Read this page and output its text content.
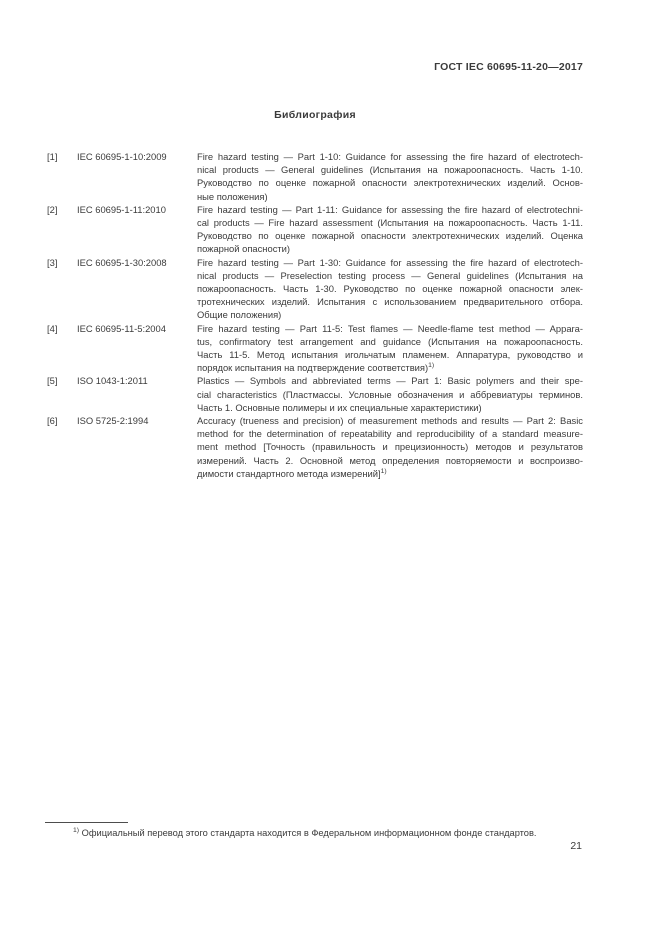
ГОСТ IEC 60695-11-20—2017
Библиография
[1]	IEC 60695-1-10:2009	Fire hazard testing — Part 1-10: Guidance for assessing the fire hazard of electrotech-
nical products — General guidelines (Испытания на пожароопасность. Часть 1-10.
Руководство по оценке пожарной опасности электротехнических изделий. Основ-
ные положения)
[2]	IEC 60695-1-11:2010	Fire hazard testing — Part 1-11: Guidance for assessing the fire hazard of electrotechni-
cal products — Fire hazard assessment (Испытания на пожароопасность. Часть 1-11.
Руководство по оценке пожарной опасности электротехнических изделий. Оценка
пожарной опасности)
[3]	IEC 60695-1-30:2008	Fire hazard testing — Part 1-30: Guidance for assessing the fire hazard of electrotech-
nical products — Preselection testing process — General guidelines (Испытания на
пожароопасность. Часть 1-30. Руководство по оценке пожарной опасности элек-
тротехнических изделий. Испытания с использованием предварительного отбора.
Общие положения)
[4]	IEC 60695-11-5:2004	Fire hazard testing — Part 11-5: Test flames — Needle-flame test method — Appara-
tus, confirmatory test arrangement and guidance (Испытания на пожароопасность.
Часть 11-5. Метод испытания игольчатым пламенем. Аппаратура, руководство и
порядок испытания на подтверждение соответствия)$^{1)}$
[5]	ISO 1043-1:2011	Plastics — Symbols and abbreviated terms — Part 1: Basic polymers and their spe-
cial characteristics (Пластмассы. Условные обозначения и аббревиатуры терминов.
Часть 1. Основные полимеры и их специальные характеристики)
[6]	ISO 5725-2:1994	Accuracy (trueness and precision) of measurement methods and results — Part 2: Basic
method for the determination of repeatability and reproducibility of a standard measure-
ment method [Точность (правильность и прецизионность) методов и результатов
измерений. Часть 2. Основной метод определения повторяемости и воспроизво-
димости стандартного метода измерений]$^{1)}$
$^{1)}$ Официальный перевод этого стандарта находится в Федеральном информационном фонде стандартов.
21
